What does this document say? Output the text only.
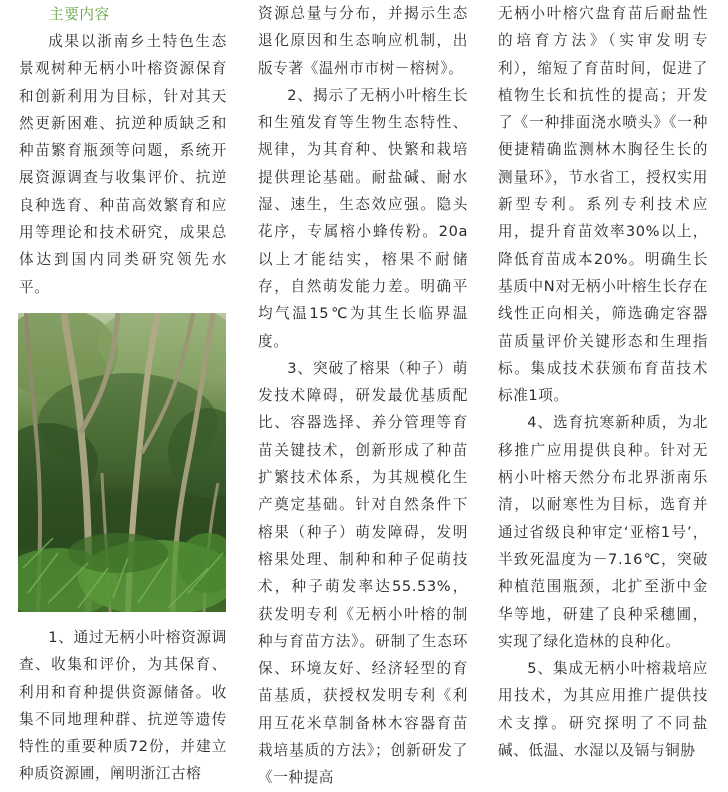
主要内容

成果以浙南乡土特色生态景观树种无柄小叶榕资源保育和创新利用为目标，针对其天然更新困难、抗逆种质缺乏和种苗繁育瓶颈等问题，系统开展资源调查与收集评价、抗逆良种选育、种苗高效繁育和应用等理论和技术研究，成果总体达到国内同类研究领先水平。

1、通过无柄小叶榕资源调查、收集和评价，为其保育、利用和育种提供资源储备。收集不同地理种群、抗逆等遗传特性的重要种质72份，并建立种质资源圃，阐明浙江古榕

资源总量与分布，并揭示生态退化原因和生态响应机制，出版专著《温州市市树－榕树》。

2、揭示了无柄小叶榕生长和生殖发育等生物生态特性、规律，为其育种、快繁和栽培提供理论基础。耐盐碱、耐水湿、速生，生态效应强。隐头花序，专属榕小蜂传粉。20a以上才能结实，榕果不耐储存，自然萌发能力差。明确平均气温15℃为其生长临界温度。

3、突破了榕果（种子）萌发技术障碍，研发最优基质配比、容器选择、养分管理等育苗关键技术，创新形成了种苗扩繁技术体系，为其规模化生产奠定基础。针对自然条件下榕果（种子）萌发障碍，发明榕果处理、制种和种子促萌技术，种子萌发率达55.53%，获发明专利《无柄小叶榕的制种与育苗方法》。研制了生态环保、环境友好、经济轻型的育苗基质，获授权发明专利《利用互花米草制备林木容器育苗栽培基质的方法》；创新研发了《一种提高

无柄小叶榕穴盘育苗后耐盐性的培育方法》（实审发明专利），缩短了育苗时间，促进了植物生长和抗性的提高；开发了《一种排面浇水喷头》《一种便捷精确监测林木胸径生长的测量环》，节水省工，授权实用新型专利。系列专利技术应用，提升育苗效率30%以上，降低育苗成本20%。明确生长基质中N对无柄小叶榕生长存在线性正向相关，筛选确定容器苗质量评价关键形态和生理指标。集成技术获颁布育苗技术标准1项。

4、选育抗寒新种质，为北移推广应用提供良种。针对无柄小叶榕天然分布北界浙南乐清，以耐寒性为目标，选育并通过省级良种审定‘亚榕1号’，半致死温度为－7.16℃，突破种植范围瓶颈，北扩至浙中金华等地，研建了良种采穗圃，实现了绿化造林的良种化。

5、集成无柄小叶榕栽培应用技术，为其应用推广提供技术支撑。研究探明了不同盐碱、低温、水湿以及镉与铜胁
